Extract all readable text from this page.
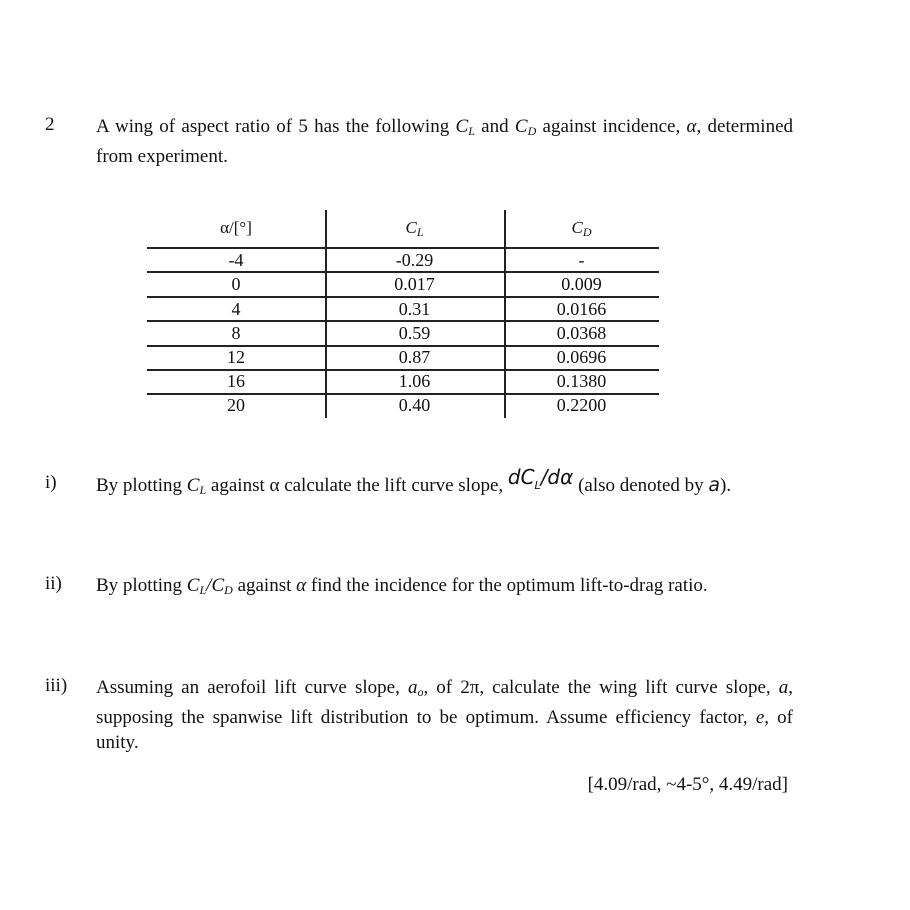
2 A wing of aspect ratio of 5 has the following $C_L$ and $C_D$ against incidence, α, determined from experiment.
α/[°]	$C_L$	$C_D$
-4	-0.29	-
0	0.017	0.009
4	0.31	0.0166
8	0.59	0.0368
12	0.87	0.0696
16	1.06	0.1380
20	0.40	0.2200
i) By plotting $C_L$ against α calculate the lift curve slope, $dC_L/d\alpha$ (also denoted by a).
ii) By plotting $C_L/C_D$ against α find the incidence for the optimum lift-to-drag ratio.
iii) Assuming an aerofoil lift curve slope, $a_o$, of 2π, calculate the wing lift curve slope, a, supposing the spanwise lift distribution to be optimum. Assume efficiency factor, e, of unity.
[4.09/rad, ~4-5°, 4.49/rad]
